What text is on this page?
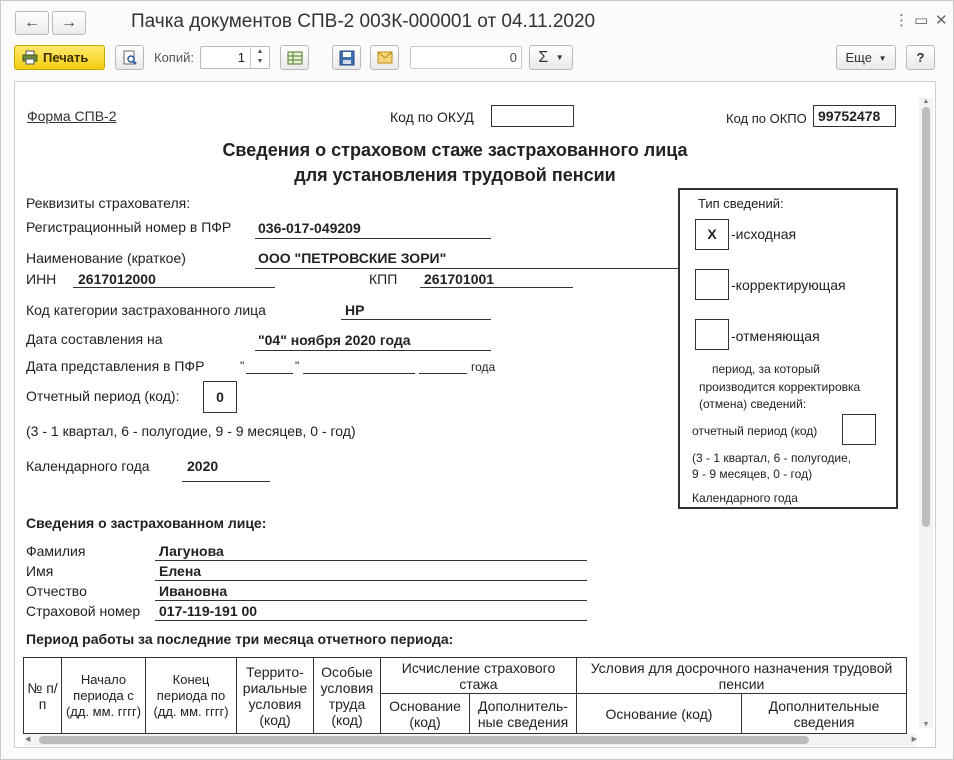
←	→	Пачка документов СПВ-2 003К-000001 от 04.11.2020	⋮ ▭ ✕
Печать	Копий:	1	▲
▼	0	Σ ▼	Еще ▼	?
Форма СПВ-2	Код по ОКУД	Код по ОКПО 99752478
Сведения о страховом стаже застрахованного лица
для установления трудовой пенсии
Реквизиты страхователя:
Регистрационный номер в ПФР 036-017-049209
Наименование (краткое)	ООО "ПЕТРОВСКИЕ ЗОРИ"
ИНН 2617012000	КПП 261701001
Код категории застрахованного лица	НР
Дата составления на	"04" ноября 2020 года
Дата представления в ПФР	"	"	года
Отчетный период (код):	0
(3 - 1 квартал, 6 - полугодие, 9 - 9 месяцев, 0 - год)
Календарного года	2020
Тип сведений:
X	-исходная
-корректирующая
-отменяющая
период, за который
производится корректировка
(отмена) сведений:
отчетный период (код)
(3 - 1 квартал, 6 - полугодие,
9 - 9 месяцев, 0 - год)
Календарного года
Сведения о застрахованном лице:
Фамилия	Лагунова
Имя	Елена
Отчество	Ивановна
Страховой номер 017-119-191 00
Период работы за последние три месяца отчетного периода:
№ п/п	Начало периода с (дд. мм. гггг)	Конец периода по (дд. мм. гггг)	Террито- риальные условия (код)	Особые условия труда (код)	Исчисление страхового стажа		Условия для досрочного назначения трудовой пенсии	
					Основание (код)	Дополнитель- ные сведения	Основание (код)	Дополнительные сведения
▲
▼
◀	▶
